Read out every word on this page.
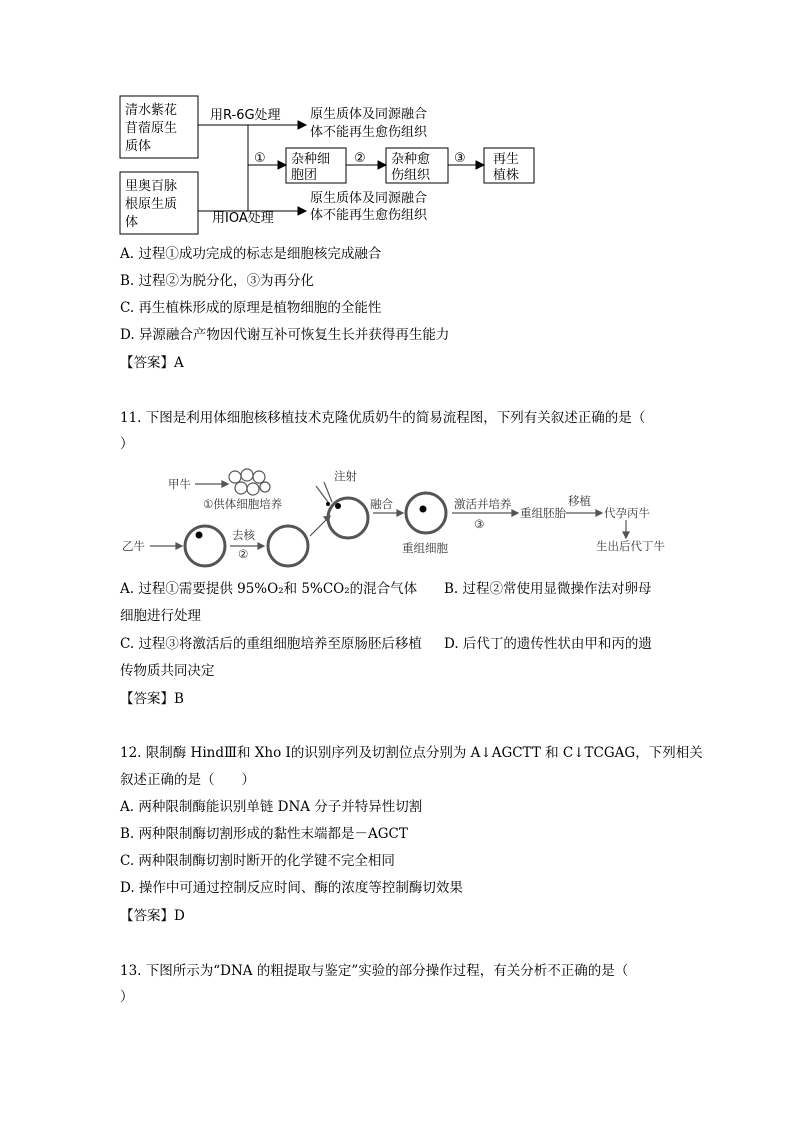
清水紫花
苜蓿原生
质体
里奥百脉
根原生质
体
用R-6G处理
用IOA处理
原生质体及同源融合
体不能再生愈伤组织
原生质体及同源融合
体不能再生愈伤组织
①	②	③
杂种细
胞团
杂种愈
伤组织
再生
植株
A. 过程①成功完成的标志是细胞核完成融合
B. 过程②为脱分化，③为再分化
C. 再生植株形成的原理是植物细胞的全能性
D. 异源融合产物因代谢互补可恢复生长并获得再生能力
【答案】A
11. 下图是利用体细胞核移植技术克隆优质奶牛的简易流程图，下列有关叙述正确的是（
）
甲牛
①供体细胞培养
注射
乙牛
去核
②
融合
重组细胞
激活并培养
③
重组胚胎
移植
代孕丙牛
生出后代丁牛
A. 过程①需要提供 95%O₂和 5%CO₂的混合气体 B. 过程②常使用显微操作法对卵母
细胞进行处理
C. 过程③将激活后的重组细胞培养至原肠胚后移植 D. 后代丁的遗传性状由甲和丙的遗
传物质共同决定
【答案】B
12. 限制酶 HindⅢ和 Xho Ⅰ的识别序列及切割位点分别为 A↓AGCTT 和 C↓TCGAG，下列相关
叙述正确的是（　　）
A. 两种限制酶能识别单链 DNA 分子并特异性切割
B. 两种限制酶切割形成的黏性末端都是－AGCT
C. 两种限制酶切割时断开的化学键不完全相同
D. 操作中可通过控制反应时间、酶的浓度等控制酶切效果
【答案】D
13. 下图所示为“DNA 的粗提取与鉴定”实验的部分操作过程，有关分析不正确的是（
）
